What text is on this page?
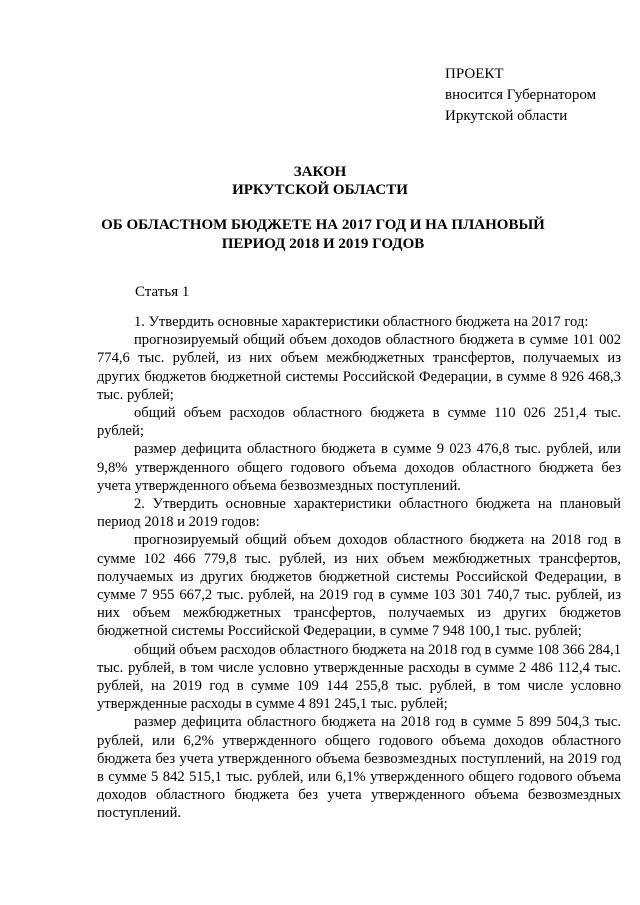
ПРОЕКТ
вносится Губернатором
Иркутской области
ЗАКОН
ИРКУТСКОЙ ОБЛАСТИ
ОБ ОБЛАСТНОМ БЮДЖЕТЕ НА 2017 ГОД И НА ПЛАНОВЫЙ ПЕРИОД 2018 И 2019 ГОДОВ
Статья 1

1. Утвердить основные характеристики областного бюджета на 2017 год:

прогнозируемый общий объем доходов областного бюджета в сумме 101 002 774,6 тыс. рублей, из них объем межбюджетных трансфертов, получаемых из других бюджетов бюджетной системы Российской Федерации, в сумме 8 926 468,3 тыс. рублей;

общий объем расходов областного бюджета в сумме 110 026 251,4 тыс. рублей;

размер дефицита областного бюджета в сумме 9 023 476,8 тыс. рублей, или 9,8% утвержденного общего годового объема доходов областного бюджета без учета утвержденного объема безвозмездных поступлений.

2. Утвердить основные характеристики областного бюджета на плановый период 2018 и 2019 годов:

прогнозируемый общий объем доходов областного бюджета на 2018 год в сумме 102 466 779,8 тыс. рублей, из них объем межбюджетных трансфертов, получаемых из других бюджетов бюджетной системы Российской Федерации, в сумме 7 955 667,2 тыс. рублей, на 2019 год в сумме 103 301 740,7 тыс. рублей, из них объем межбюджетных трансфертов, получаемых из других бюджетов бюджетной системы Российской Федерации, в сумме 7 948 100,1 тыс. рублей;

общий объем расходов областного бюджета на 2018 год в сумме 108 366 284,1 тыс. рублей, в том числе условно утвержденные расходы в сумме 2 486 112,4 тыс. рублей, на 2019 год в сумме 109 144 255,8 тыс. рублей, в том числе условно утвержденные расходы в сумме 4 891 245,1 тыс. рублей;

размер дефицита областного бюджета на 2018 год в сумме 5 899 504,3 тыс. рублей, или 6,2% утвержденного общего годового объема доходов областного бюджета без учета утвержденного объема безвозмездных поступлений, на 2019 год в сумме 5 842 515,1 тыс. рублей, или 6,1% утвержденного общего годового объема доходов областного бюджета без учета утвержденного объема безвозмездных поступлений.
